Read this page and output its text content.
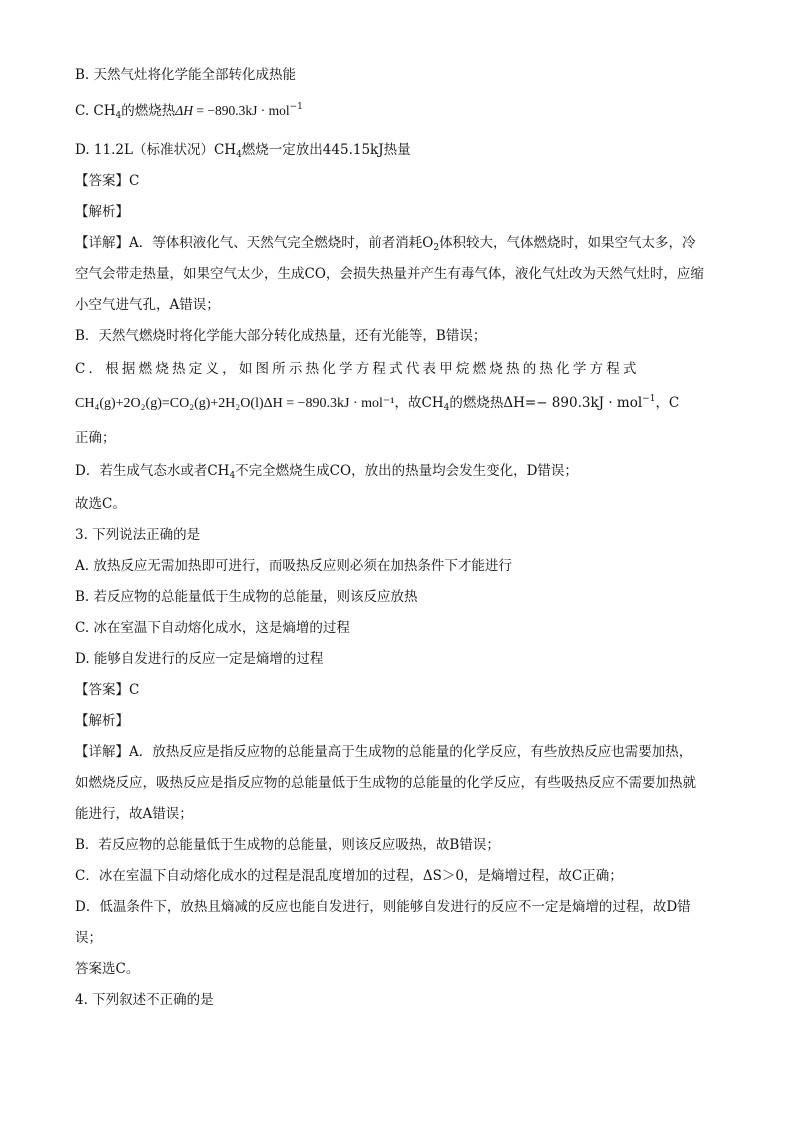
B. 天然气灶将化学能全部转化成热能
C. $CH_4$的燃烧热ΔH = −890.3kJ · mol$^{-1}$
D. 11.2L（标准状况）$CH_4$燃烧一定放出445.15kJ热量
【答案】C
【解析】
【详解】A．等体积液化气、天然气完全燃烧时，前者消耗$O_2$体积较大，气体燃烧时，如果空气太多，冷
空气会带走热量，如果空气太少，生成CO，会损失热量并产生有毒气体，液化气灶改为天然气灶时，应缩
小空气进气孔，A错误；
B．天然气燃烧时将化学能大部分转化成热量，还有光能等，B错误；
C．根据燃烧热定义，如图所示热化学方程式代表甲烷燃烧热的热化学方程式
CH₄(g)+2O₂(g)=CO₂(g)+2H₂O(l)ΔH = −890.3kJ · mol⁻¹，故$CH_4$的燃烧热ΔH=− 890.3kJ · mol$^{-1}$，C
正确；
D．若生成气态水或者$CH_4$不完全燃烧生成CO，放出的热量均会发生变化，D错误；
故选C。
3. 下列说法正确的是
A. 放热反应无需加热即可进行，而吸热反应则必须在加热条件下才能进行
B. 若反应物的总能量低于生成物的总能量，则该反应放热
C. 冰在室温下自动熔化成水，这是熵增的过程
D. 能够自发进行的反应一定是熵增的过程
【答案】C
【解析】
【详解】A．放热反应是指反应物的总能量高于生成物的总能量的化学反应，有些放热反应也需要加热，
如燃烧反应，吸热反应是指反应物的总能量低于生成物的总能量的化学反应，有些吸热反应不需要加热就
能进行，故A错误；
B．若反应物的总能量低于生成物的总能量，则该反应吸热，故B错误；
C．冰在室温下自动熔化成水的过程是混乱度增加的过程，ΔS＞0，是熵增过程，故C正确；
D．低温条件下，放热且熵减的反应也能自发进行，则能够自发进行的反应不一定是熵增的过程，故D错
误；
答案选C。
4. 下列叙述不正确的是
